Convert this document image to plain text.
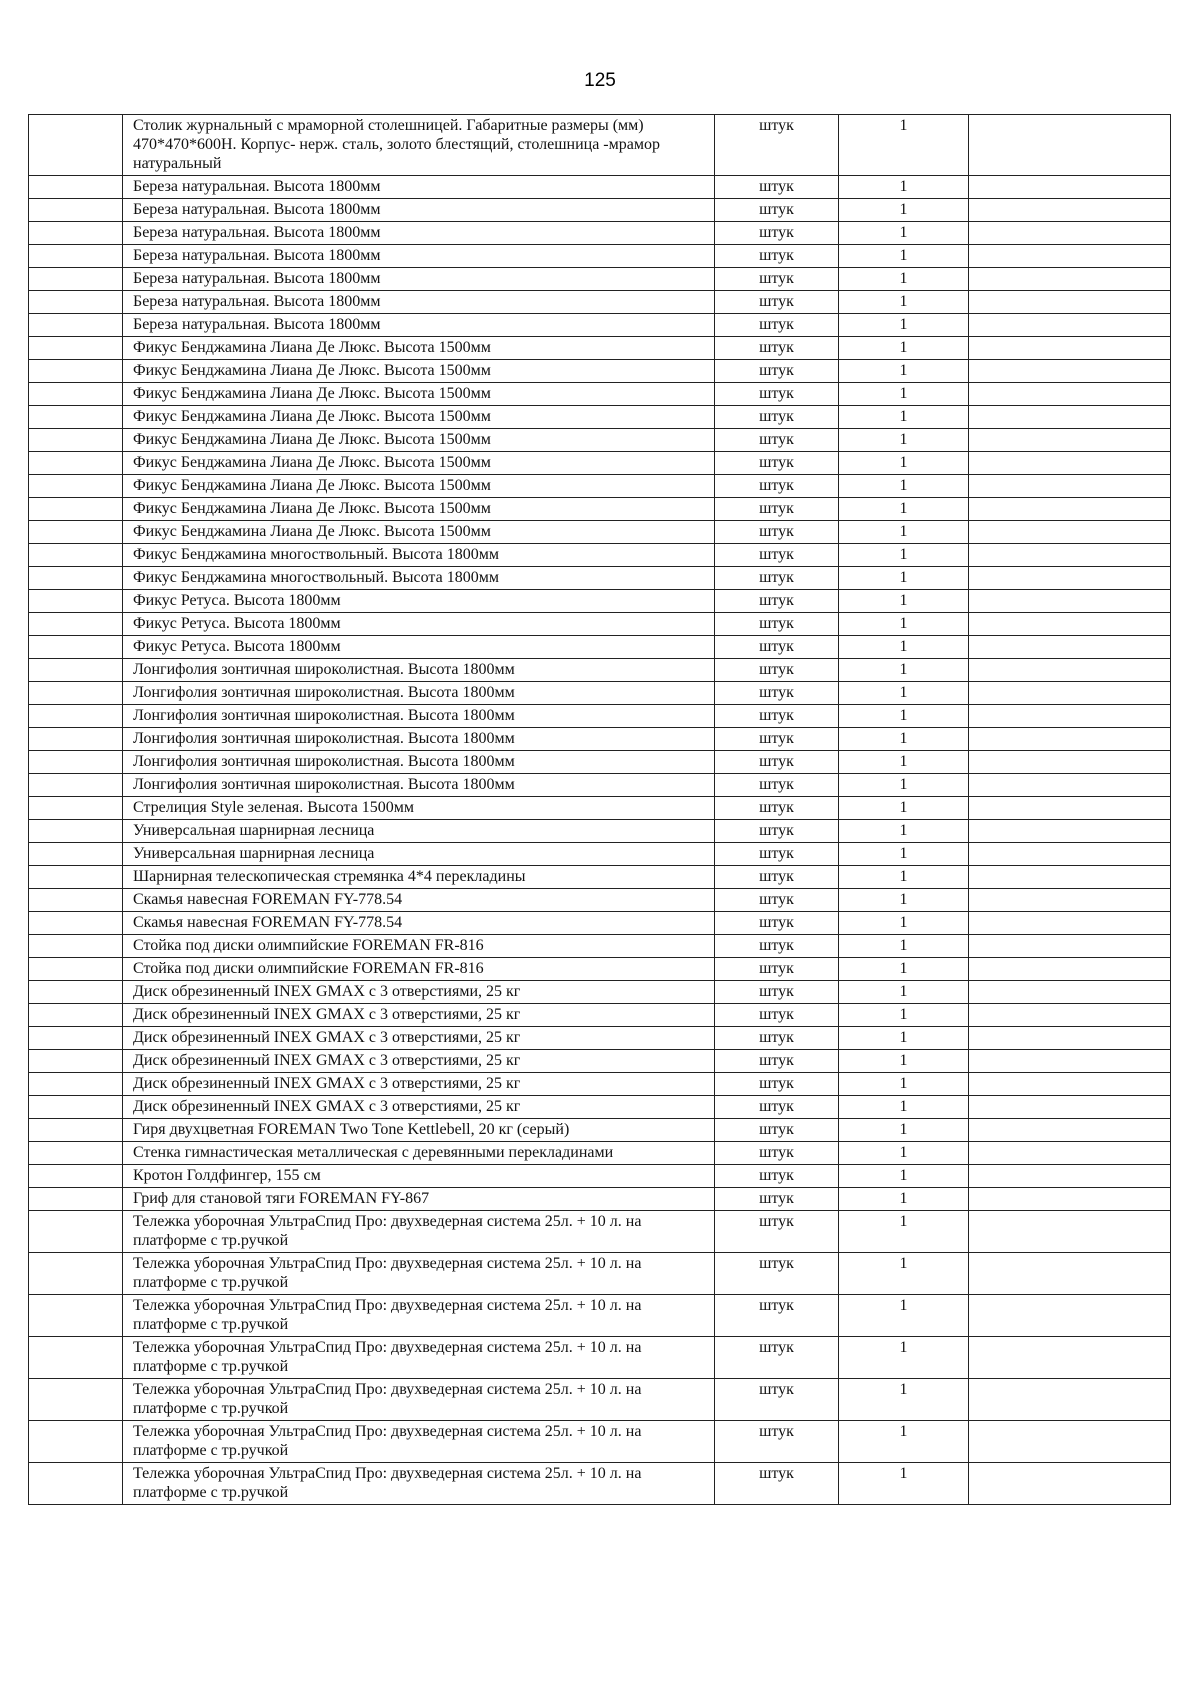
125
	Столик журнальный с мраморной столешницей. Габаритные размеры (мм) 470*470*600H. Корпус- нерж. сталь, золото блестящий, столешница -мрамор натуральный	штук	1	
	Береза натуральная. Высота 1800мм	штук	1	
	Береза натуральная. Высота 1800мм	штук	1	
	Береза натуральная. Высота 1800мм	штук	1	
	Береза натуральная. Высота 1800мм	штук	1	
	Береза натуральная. Высота 1800мм	штук	1	
	Береза натуральная. Высота 1800мм	штук	1	
	Береза натуральная. Высота 1800мм	штук	1	
	Фикус Бенджамина Лиана Де Люкс. Высота 1500мм	штук	1	
	Фикус Бенджамина Лиана Де Люкс. Высота 1500мм	штук	1	
	Фикус Бенджамина Лиана Де Люкс. Высота 1500мм	штук	1	
	Фикус Бенджамина Лиана Де Люкс. Высота 1500мм	штук	1	
	Фикус Бенджамина Лиана Де Люкс. Высота 1500мм	штук	1	
	Фикус Бенджамина Лиана Де Люкс. Высота 1500мм	штук	1	
	Фикус Бенджамина Лиана Де Люкс. Высота 1500мм	штук	1	
	Фикус Бенджамина Лиана Де Люкс. Высота 1500мм	штук	1	
	Фикус Бенджамина Лиана Де Люкс. Высота 1500мм	штук	1	
	Фикус Бенджамина многоствольный. Высота 1800мм	штук	1	
	Фикус Бенджамина многоствольный. Высота 1800мм	штук	1	
	Фикус Ретуса. Высота 1800мм	штук	1	
	Фикус Ретуса. Высота 1800мм	штук	1	
	Фикус Ретуса. Высота 1800мм	штук	1	
	Лонгифолия зонтичная широколистная. Высота 1800мм	штук	1	
	Лонгифолия зонтичная широколистная. Высота 1800мм	штук	1	
	Лонгифолия зонтичная широколистная. Высота 1800мм	штук	1	
	Лонгифолия зонтичная широколистная. Высота 1800мм	штук	1	
	Лонгифолия зонтичная широколистная. Высота 1800мм	штук	1	
	Лонгифолия зонтичная широколистная. Высота 1800мм	штук	1	
	Стрелиция Style зеленая. Высота 1500мм	штук	1	
	Универсальная шарнирная лесница	штук	1	
	Универсальная шарнирная лесница	штук	1	
	Шарнирная телескопическая стремянка 4*4 перекладины	штук	1	
	Скамья навесная FOREMAN FY-778.54	штук	1	
	Скамья навесная FOREMAN FY-778.54	штук	1	
	Стойка под диски олимпийские FOREMAN FR-816	штук	1	
	Стойка под диски олимпийские FOREMAN FR-816	штук	1	
	Диск обрезиненный INEX GMAX с 3 отверстиями, 25 кг	штук	1	
	Диск обрезиненный INEX GMAX с 3 отверстиями, 25 кг	штук	1	
	Диск обрезиненный INEX GMAX с 3 отверстиями, 25 кг	штук	1	
	Диск обрезиненный INEX GMAX с 3 отверстиями, 25 кг	штук	1	
	Диск обрезиненный INEX GMAX с 3 отверстиями, 25 кг	штук	1	
	Диск обрезиненный INEX GMAX с 3 отверстиями, 25 кг	штук	1	
	Гиря двухцветная FOREMAN Two Tone Kettlebell, 20 кг (серый)	штук	1	
	Стенка гимнастическая металлическая с деревянными перекладинами	штук	1	
	Кротон Голдфингер, 155 см	штук	1	
	Гриф для становой тяги FOREMAN FY-867	штук	1	
	Тележка уборочная УльтраСпид Про: двухведерная система 25л. + 10 л. на платформе с тр.ручкой	штук	1	
	Тележка уборочная УльтраСпид Про: двухведерная система 25л. + 10 л. на платформе с тр.ручкой	штук	1	
	Тележка уборочная УльтраСпид Про: двухведерная система 25л. + 10 л. на платформе с тр.ручкой	штук	1	
	Тележка уборочная УльтраСпид Про: двухведерная система 25л. + 10 л. на платформе с тр.ручкой	штук	1	
	Тележка уборочная УльтраСпид Про: двухведерная система 25л. + 10 л. на платформе с тр.ручкой	штук	1	
	Тележка уборочная УльтраСпид Про: двухведерная система 25л. + 10 л. на платформе с тр.ручкой	штук	1	
	Тележка уборочная УльтраСпид Про: двухведерная система 25л. + 10 л. на платформе с тр.ручкой	штук	1	
